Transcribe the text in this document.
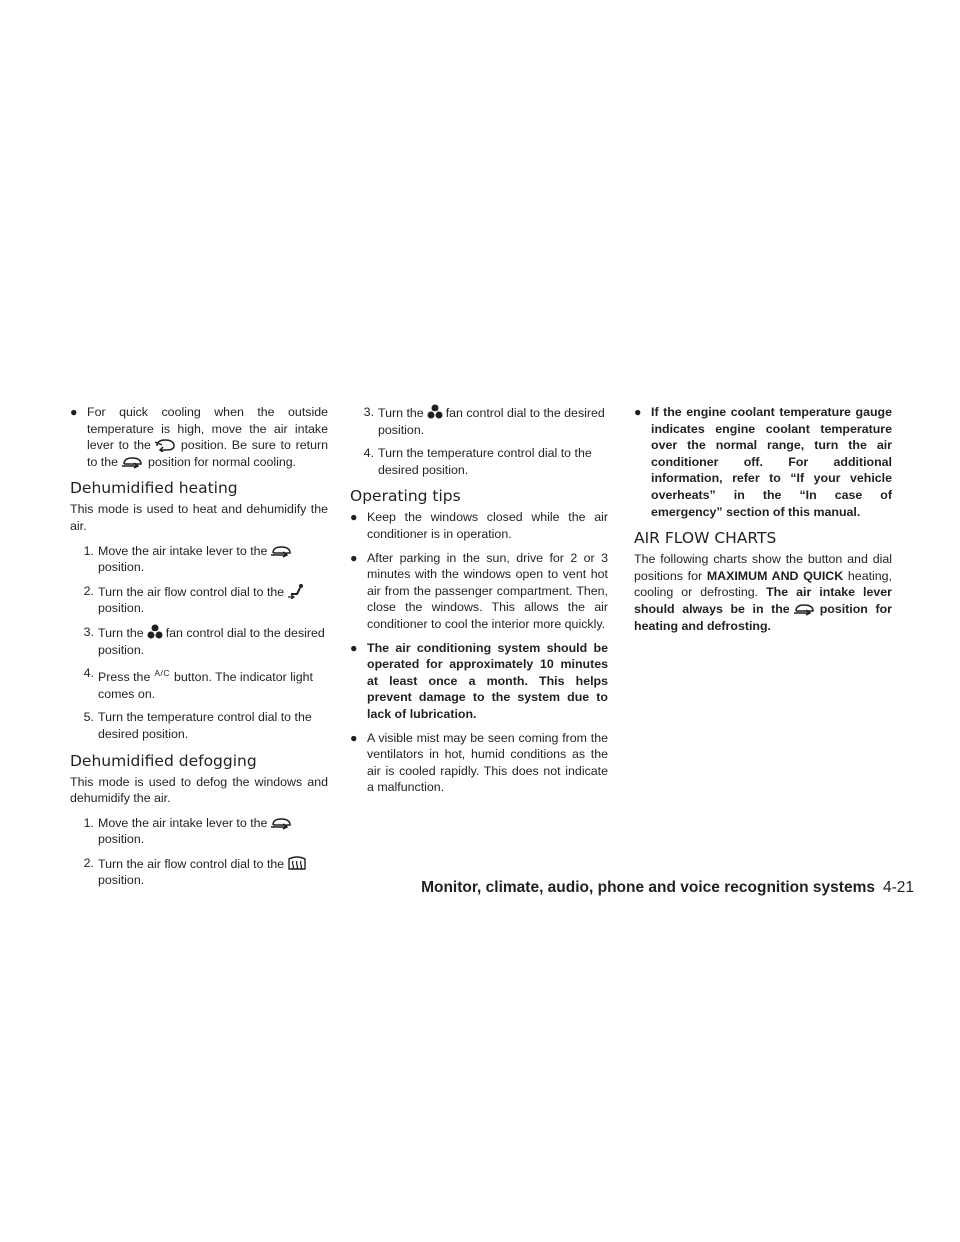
● For quick cooling when the outside temperature is high, move the air intake lever to the position. Be sure to return to the position for normal cooling.
Dehumidified heating

This mode is used to heat and dehumidify the air.

1. Move the air intake lever to theposition.
2. Turn the air flow control dial to theposition.
3. Turn the fan control dial to the desired position.
4. Press the $^{A/C}$ button. The indicator light comes on.
5. Turn the temperature control dial to the desired position.
Dehumidified defogging

This mode is used to defog the windows and dehumidify the air.

1. Move the air intake lever to theposition.
2. Turn the air flow control dial to theposition.
3. Turn the fan control dial to the desired position.
4. Turn the temperature control dial to the desired position.
Operating tips
● Keep the windows closed while the air conditioner is in operation.
● After parking in the sun, drive for 2 or 3 minutes with the windows open to vent hot air from the passenger compartment. Then, close the windows. This allows the air conditioner to cool the interior more quickly.
● The air conditioning system should be operated for approximately 10 minutes at least once a month. This helps prevent damage to the system due to lack of lubrication.
● A visible mist may be seen coming from the ventilators in hot, humid conditions as the air is cooled rapidly. This does not indicate a malfunction.
● If the engine coolant temperature gauge indicates engine coolant temperature over the normal range, turn the air conditioner off. For additional information, refer to “If your vehicle overheats” in the “In case of emergency” section of this manual.
AIR FLOW CHARTS

The following charts show the button and dial positions for MAXIMUM AND QUICK heating, cooling or defrosting. The air intake lever should always be in the position for heating and defrosting.

Monitor, climate, audio, phone and voice recognition systems 4-21
